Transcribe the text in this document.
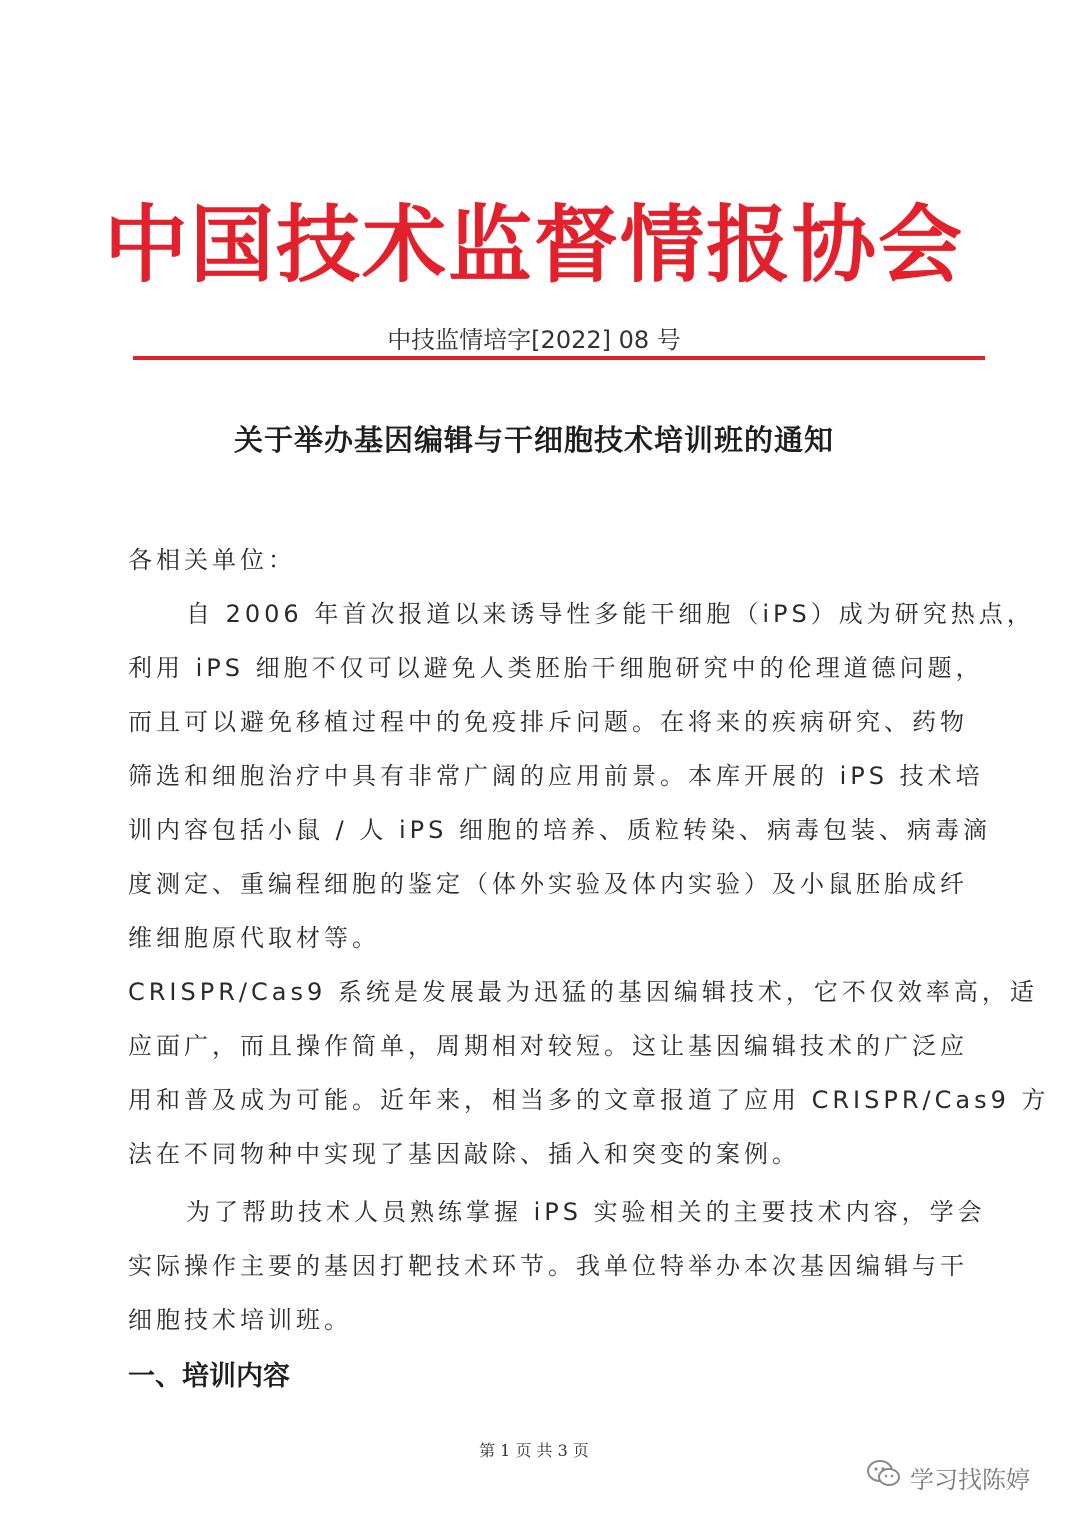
中国技术监督情报协会
中技监情培字[2022] 08 号
关于举办基因编辑与干细胞技术培训班的通知
各相关单位：
自 2006 年首次报道以来诱导性多能干细胞（iPS）成为研究热点，
利用 iPS 细胞不仅可以避免人类胚胎干细胞研究中的伦理道德问题，
而且可以避免移植过程中的免疫排斥问题。在将来的疾病研究、药物
筛选和细胞治疗中具有非常广阔的应用前景。本库开展的 iPS 技术培
训内容包括小鼠 / 人 iPS 细胞的培养、质粒转染、病毒包装、病毒滴
度测定、重编程细胞的鉴定（体外实验及体内实验）及小鼠胚胎成纤
维细胞原代取材等。
CRISPR/Cas9 系统是发展最为迅猛的基因编辑技术，它不仅效率高，适
应面广，而且操作简单，周期相对较短。这让基因编辑技术的广泛应
用和普及成为可能。近年来，相当多的文章报道了应用 CRISPR/Cas9 方
法在不同物种中实现了基因敲除、插入和突变的案例。
为了帮助技术人员熟练掌握 iPS 实验相关的主要技术内容，学会
实际操作主要的基因打靶技术环节。我单位特举办本次基因编辑与干
细胞技术培训班。
一、培训内容
第 1 页 共 3 页
学习找陈婷
